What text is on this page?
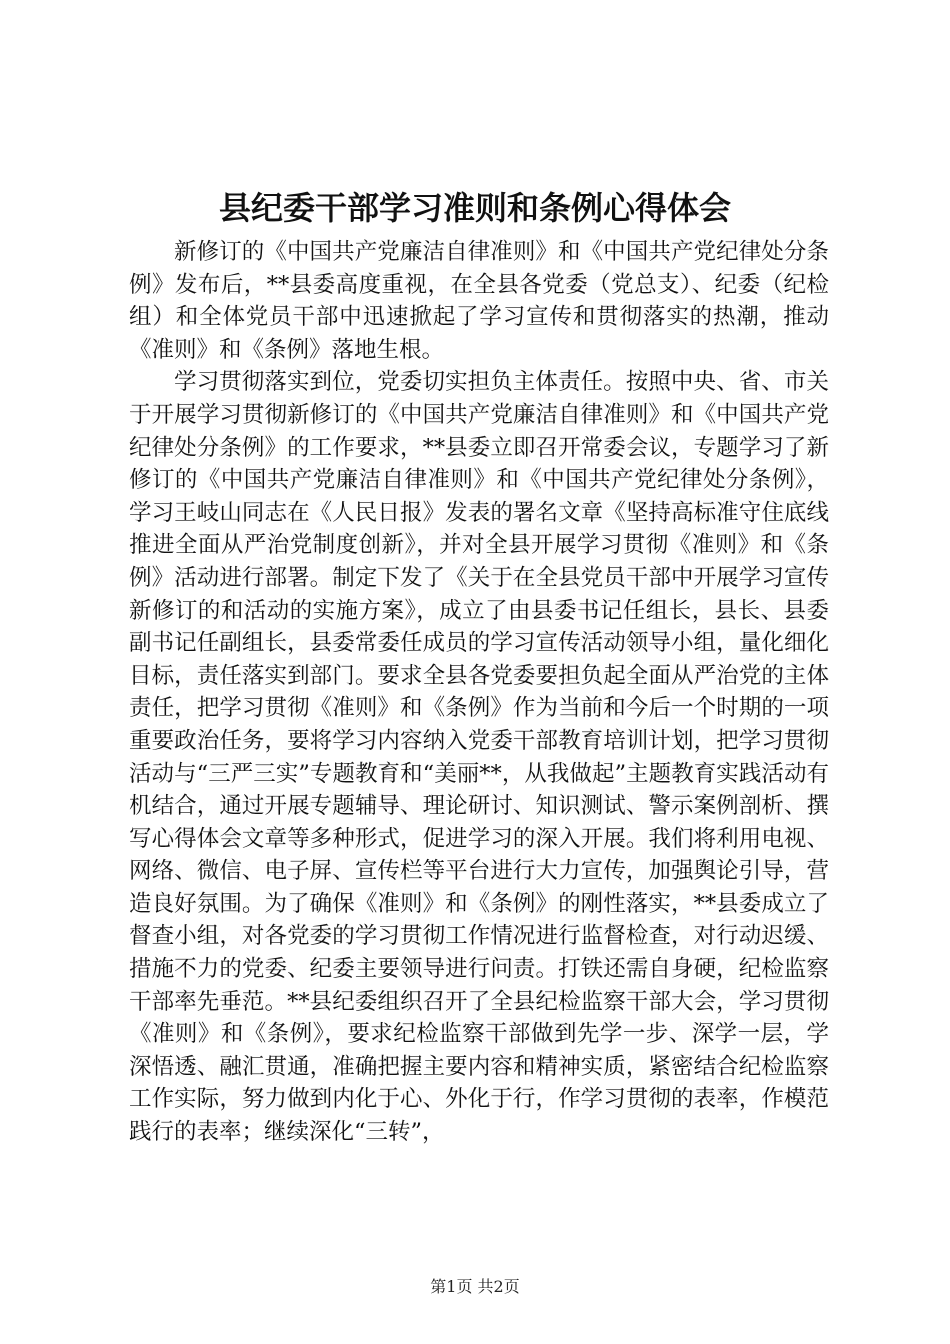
县纪委干部学习准则和条例心得体会

新修订的《中国共产党廉洁自律准则》和《中国共产党纪律处分条例》发布后，**县委高度重视，在全县各党委（党总支）、纪委（纪检组）和全体党员干部中迅速掀起了学习宣传和贯彻落实的热潮，推动《准则》和《条例》落地生根。

学习贯彻落实到位，党委切实担负主体责任。按照中央、省、市关于开展学习贯彻新修订的《中国共产党廉洁自律准则》和《中国共产党纪律处分条例》的工作要求，**县委立即召开常委会议，专题学习了新修订的《中国共产党廉洁自律准则》和《中国共产党纪律处分条例》，学习王岐山同志在《人民日报》发表的署名文章《坚持高标准守住底线推进全面从严治党制度创新》，并对全县开展学习贯彻《准则》和《条例》活动进行部署。制定下发了《关于在全县党员干部中开展学习宣传新修订的和活动的实施方案》，成立了由县委书记任组长，县长、县委副书记任副组长，县委常委任成员的学习宣传活动领导小组，量化细化目标，责任落实到部门。要求全县各党委要担负起全面从严治党的主体责任，把学习贯彻《准则》和《条例》作为当前和今后一个时期的一项重要政治任务，要将学习内容纳入党委干部教育培训计划，把学习贯彻活动与“三严三实”专题教育和“美丽**，从我做起”主题教育实践活动有机结合，通过开展专题辅导、理论研讨、知识测试、警示案例剖析、撰写心得体会文章等多种形式，促进学习的深入开展。我们将利用电视、网络、微信、电子屏、宣传栏等平台进行大力宣传，加强舆论引导，营造良好氛围。为了确保《准则》和《条例》的刚性落实，**县委成立了督查小组，对各党委的学习贯彻工作情况进行监督检查，对行动迟缓、措施不力的党委、纪委主要领导进行问责。打铁还需自身硬，纪检监察干部率先垂范。**县纪委组织召开了全县纪检监察干部大会，学习贯彻《准则》和《条例》，要求纪检监察干部做到先学一步、深学一层，学深悟透、融汇贯通，准确把握主要内容和精神实质，紧密结合纪检监察工作实际，努力做到内化于心、外化于行，作学习贯彻的表率，作模范践行的表率；继续深化“三转”，

第1页 共2页
